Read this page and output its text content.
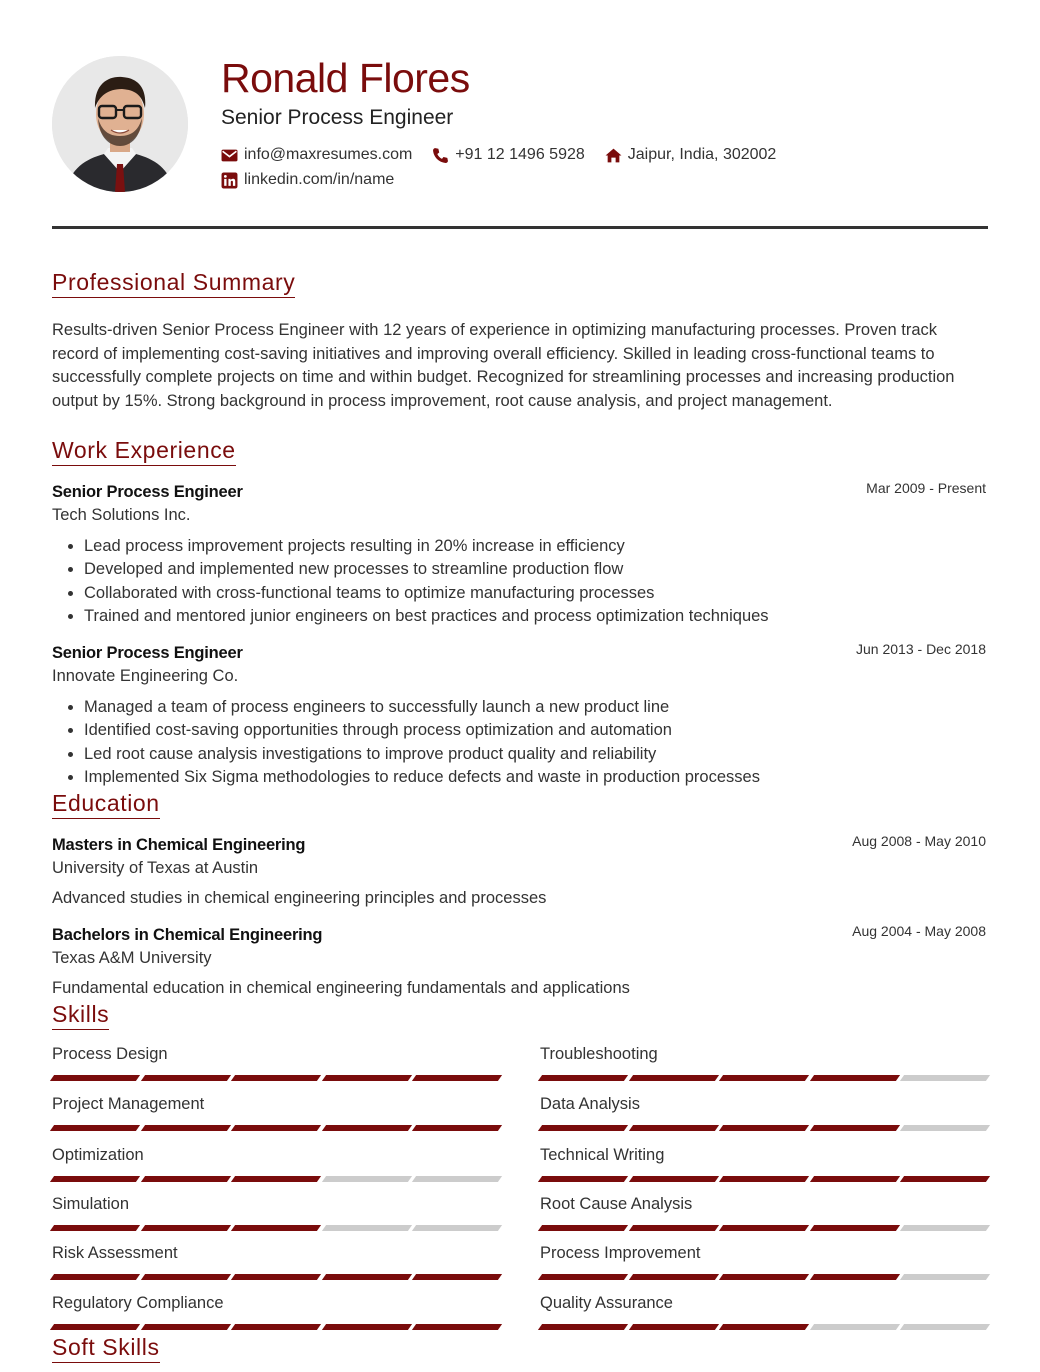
Ronald Flores
Senior Process Engineer
info@maxresumes.com	+91 12 1496 5928	Jaipur, India, 302002
linkedin.com/in/name
Professional Summary

Results-driven Senior Process Engineer with 12 years of experience in optimizing manufacturing processes. Proven track record of implementing cost-saving initiatives and improving overall efficiency. Skilled in leading cross-functional teams to successfully complete projects on time and within budget. Recognized for streamlining processes and increasing production output by 15%. Strong background in process improvement, root cause analysis, and project management.

Work Experience
Senior Process Engineer	Mar 2009 - Present
Tech Solutions Inc.
• Lead process improvement projects resulting in 20% increase in efficiency
• Developed and implemented new processes to streamline production flow
• Collaborated with cross-functional teams to optimize manufacturing processes
• Trained and mentored junior engineers on best practices and process optimization techniques
Senior Process Engineer	Jun 2013 - Dec 2018
Innovate Engineering Co.
• Managed a team of process engineers to successfully launch a new product line
• Identified cost-saving opportunities through process optimization and automation
• Led root cause analysis investigations to improve product quality and reliability
• Implemented Six Sigma methodologies to reduce defects and waste in production processes
Education
Masters in Chemical Engineering	Aug 2008 - May 2010
University of Texas at Austin
Advanced studies in chemical engineering principles and processes
Bachelors in Chemical Engineering	Aug 2004 - May 2008
Texas A&M University
Fundamental education in chemical engineering fundamentals and applications
Skills
Process Design	Troubleshooting
Project Management	Data Analysis
Optimization	Technical Writing
Simulation	Root Cause Analysis
Risk Assessment	Process Improvement
Regulatory Compliance	Quality Assurance
Soft Skills
